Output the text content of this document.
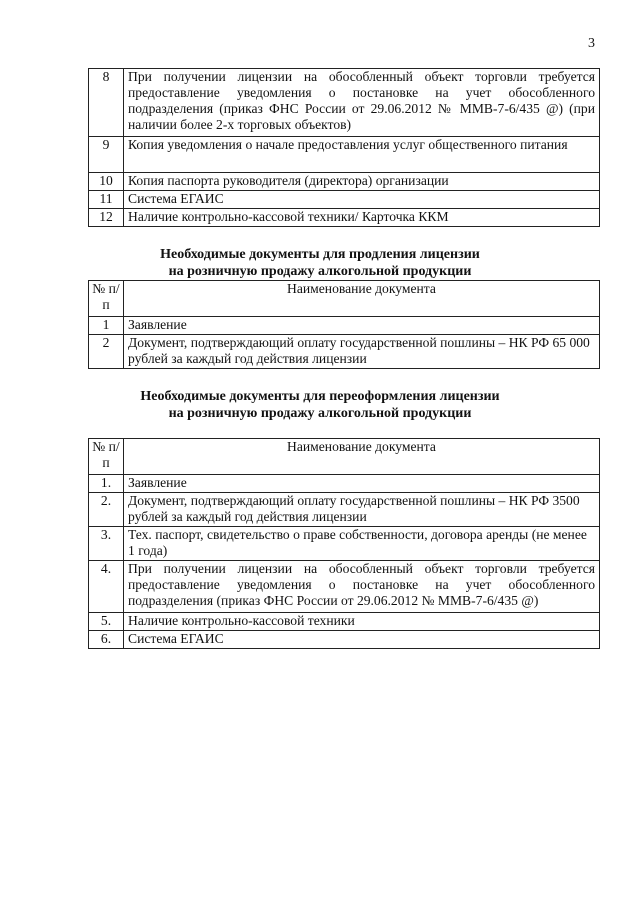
3
8	При получении лицензии на обособленный объект торговли требуется предоставление уведомления о постановке на учет обособленного подразделения (приказ ФНС России от 29.06.2012 № ММВ-7-6/435 @) (при наличии более 2-х торговых объектов)
9	Копия уведомления о начале предоставления услуг общественного питания
10	Копия паспорта руководителя (директора) организации
11	Система ЕГАИС
12	Наличие контрольно-кассовой техники/ Карточка ККМ
Необходимые документы для продления лицензии
на розничную продажу алкогольной продукции
№ п/п	Наименование документа
1	Заявление
2	Документ, подтверждающий оплату государственной пошлины – НК РФ 65 000 рублей за каждый год действия лицензии
Необходимые документы для переоформления лицензии
на розничную продажу алкогольной продукции
№ п/п	Наименование документа
1.	Заявление
2.	Документ, подтверждающий оплату государственной пошлины – НК РФ 3500 рублей за каждый год действия лицензии
3.	Тех. паспорт, свидетельство о праве собственности, договора аренды (не менее 1 года)
4.	При получении лицензии на обособленный объект торговли требуется предоставление уведомления о постановке на учет обособленного подразделения (приказ ФНС России от 29.06.2012 № ММВ-7-6/435 @)
5.	Наличие контрольно-кассовой техники
6.	Система ЕГАИС
